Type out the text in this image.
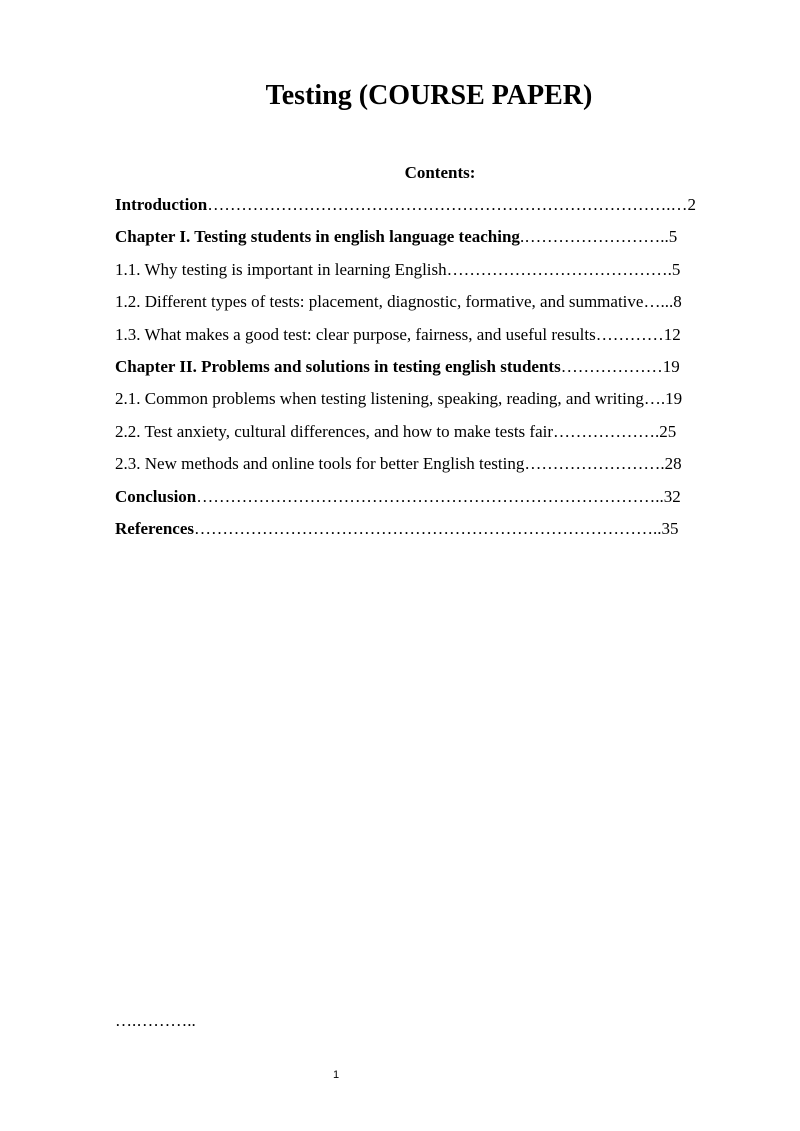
Testing (COURSE PAPER)
Contents:
Introduction……………………………………………………………………….…2
Chapter I. Testing students in english language teaching.……………………..5
1.1. Why testing is important in learning English………………………………….5
1.2. Different types of tests: placement, diagnostic, formative, and summative…...8
1.3. What makes a good test: clear purpose, fairness, and useful results…………12
Chapter II. Problems and solutions in testing english students………………19
2.1. Common problems when testing listening, speaking, reading, and writing….19
2.2. Test anxiety, cultural differences, and how to make tests fair……………….25
2.3. New methods and online tools for better English testing…………………….28
Conclusion………………………………………………………………………..32
References………………………………………………………………………..35
….………..
1
